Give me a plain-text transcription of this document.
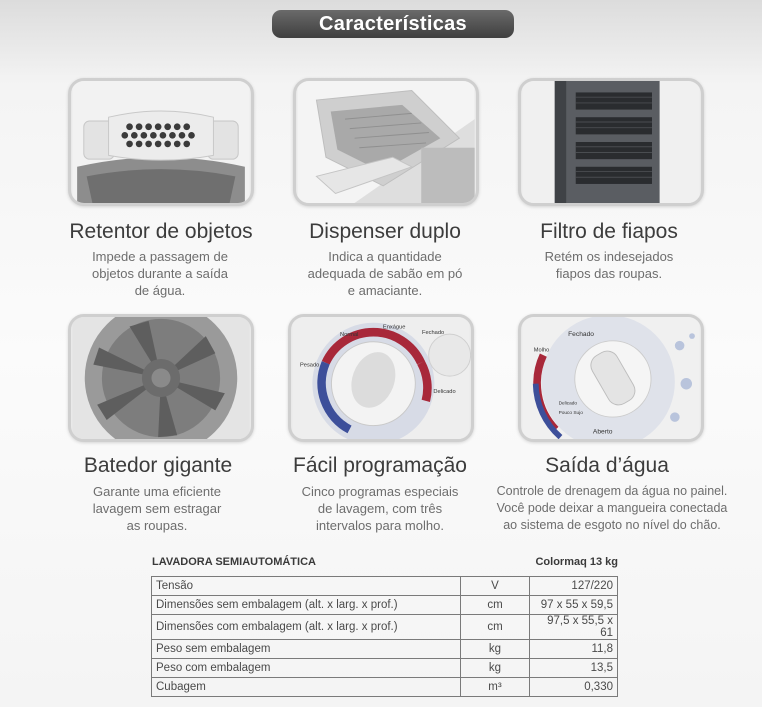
Características
Retentor de objetos
Impede a passagem de
objetos durante a saída
de água.
Dispenser duplo
Indica a quantidade
adequada de sabão em pó
e amaciante.
Filtro de fiapos
Retém os indesejados
fiapos das roupas.
Batedor gigante
Garante uma eficiente
lavagem sem estragar
as roupas.
Pesado
Normal
Delicado
Enxágue
Fechado
Fácil programação
Cinco programas especiais
de lavagem, com três
intervalos para molho.
Fechado
Aberto
Delicado
Pouco Sujo
Molho
Saída d’água
Controle de drenagem da água no painel.
Você pode deixar a mangueira conectada
ao sistema de esgoto no nível do chão.
LAVADORA SEMIAUTOMÁTICA	Colormaq 13 kg
Tensão	V	127/220
Dimensões sem embalagem (alt. x larg. x prof.)	cm	97 x 55 x 59,5
Dimensões com embalagem (alt. x larg. x prof.)	cm	97,5 x 55,5 x 61
Peso sem embalagem	kg	11,8
Peso com embalagem	kg	13,5
Cubagem	m³	0,330
